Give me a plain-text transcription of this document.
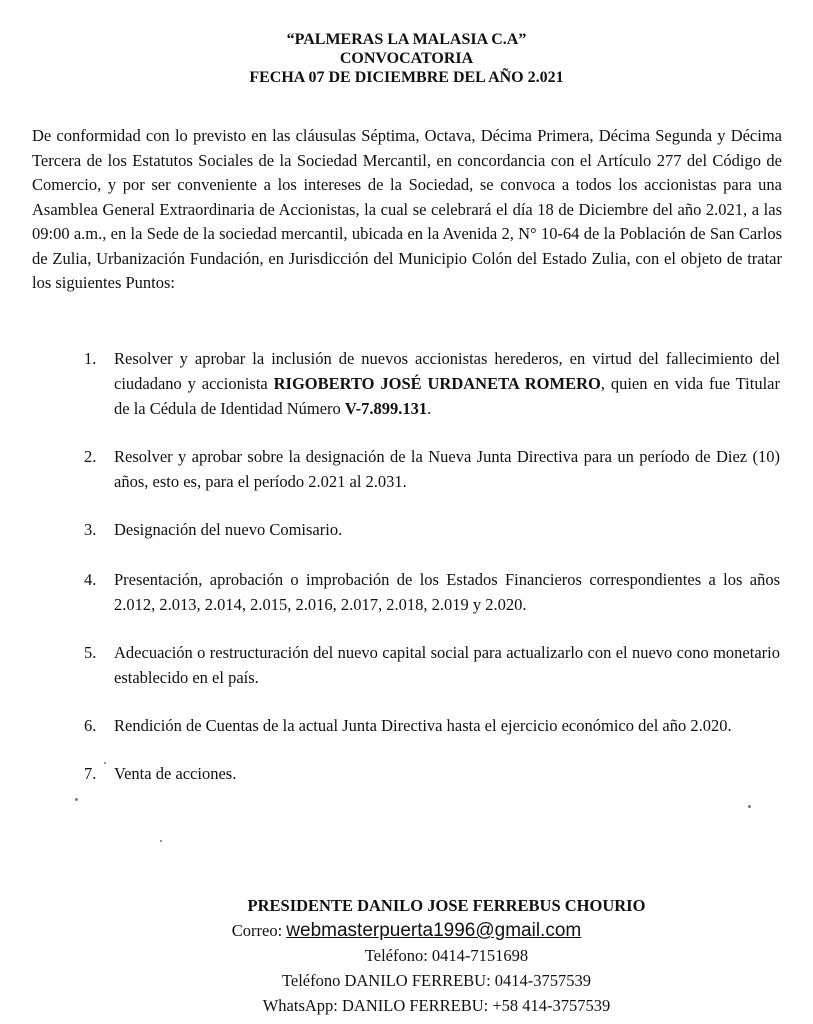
“PALMERAS LA MALASIA C.A”
CONVOCATORIA
FECHA 07 DE DICIEMBRE DEL AÑO 2.021

De conformidad con lo previsto en las cláusulas Séptima, Octava, Décima Primera, Décima Segunda y Décima Tercera de los Estatutos Sociales de la Sociedad Mercantil, en concordancia con el Artículo 277 del Código de Comercio, y por ser conveniente a los intereses de la Sociedad, se convoca a todos los accionistas para una Asamblea General Extraordinaria de Accionistas, la cual se celebrará el día 18 de Diciembre del año 2.021, a las 09:00 a.m., en la Sede de la sociedad mercantil, ubicada en la Avenida 2, N° 10-64 de la Población de San Carlos de Zulia, Urbanización Fundación, en Jurisdicción del Municipio Colón del Estado Zulia, con el objeto de tratar los siguientes Puntos:

1. Resolver y aprobar la inclusión de nuevos accionistas herederos, en virtud del fallecimiento del ciudadano y accionista RIGOBERTO JOSÉ URDANETA ROMERO, quien en vida fue Titular de la Cédula de Identidad Número V-7.899.131.
2. Resolver y aprobar sobre la designación de la Nueva Junta Directiva para un período de Diez (10) años, esto es, para el período 2.021 al 2.031.
3. Designación del nuevo Comisario.
4. Presentación, aprobación o improbación de los Estados Financieros correspondientes a los años 2.012, 2.013, 2.014, 2.015, 2.016, 2.017, 2.018, 2.019 y 2.020.
5. Adecuación o restructuración del nuevo capital social para actualizarlo con el nuevo cono monetario establecido en el país.
6. Rendición de Cuentas de la actual Junta Directiva hasta el ejercicio económico del año 2.020.
7. Venta de acciones.
PRESIDENTE DANILO JOSE FERREBUS CHOURIO
Correo: webmasterpuerta1996@gmail.com
Teléfono: 0414-7151698
Teléfono DANILO FERREBU: 0414-3757539
WhatsApp: DANILO FERREBU: +58 414-3757539
